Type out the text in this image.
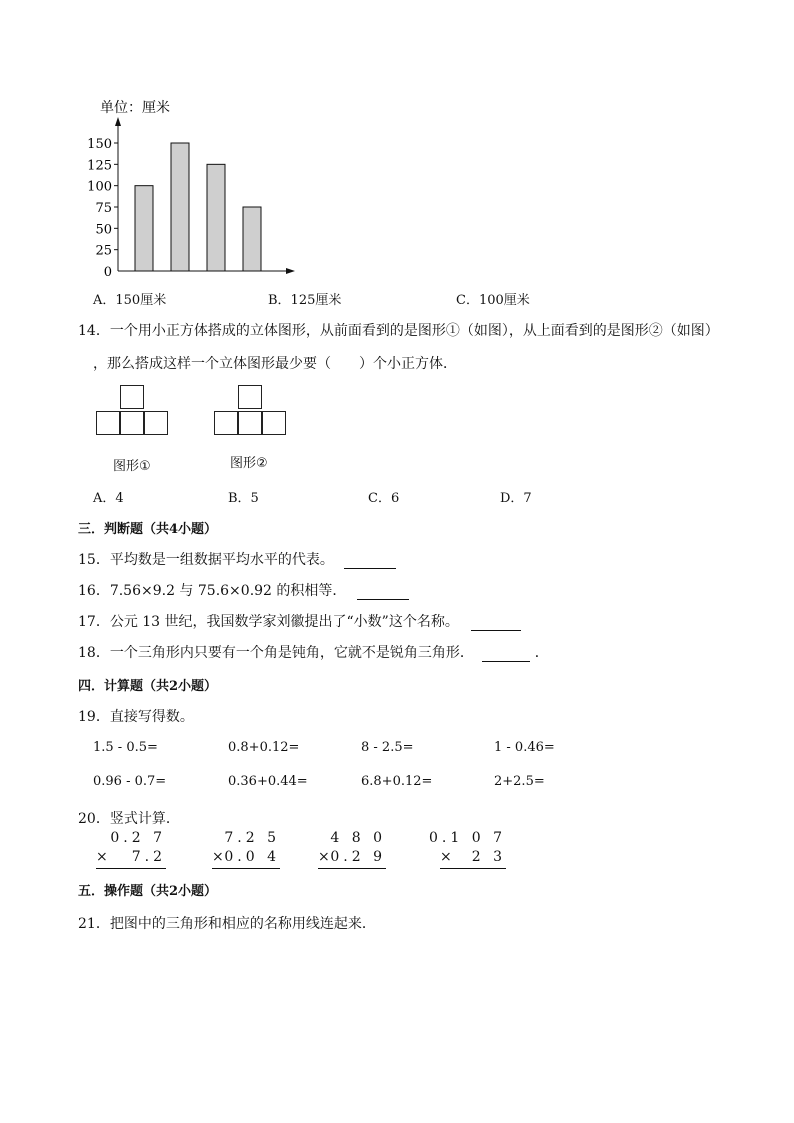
单位：厘米
0
25
50
75
100
125
150
A．150厘米	B．125厘米	C．100厘米
14．一个用小正方体搭成的立体图形，从前面看到的是图形①（如图），从上面看到的是图形②（如图）
，那么搭成这样一个立体图形最少要（　　）个小正方体．
图形①	图形②
A．4	B．5	C．6	D．7
三．判断题（共4小题）
15．平均数是一组数据平均水平的代表。
16．7.56×9.2 与 75.6×0.92 的积相等．
17．公元 13 世纪，我国数学家刘徽提出了“小数”这个名称。
18．一个三角形内只要有一个角是钝角，它就不是锐角三角形．	．
四．计算题（共2小题）
19．直接写得数。
1.5 - 0.5=	0.8+0.12=	8 - 2.5=	1 - 0.46=
0.96 - 0.7=	0.36+0.44=	6.8+0.12=	2+2.5=
20．竖式计算．
0.2 7
× 7.2
7.2 5
× 0.0 4
4 8 0
× 0.2 9
0.1 0 7
× 2 3
五．操作题（共2小题）
21．把图中的三角形和相应的名称用线连起来．
